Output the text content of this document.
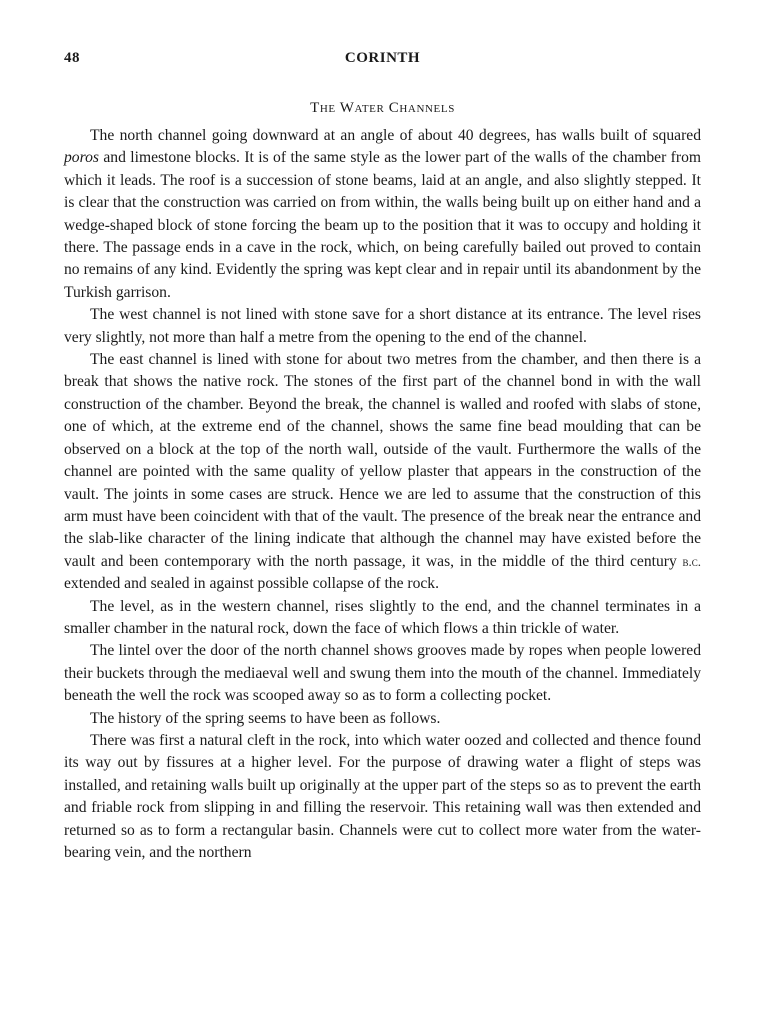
48	CORINTH
The Water Channels

The north channel going downward at an angle of about 40 degrees, has walls built of squared poros and limestone blocks. It is of the same style as the lower part of the walls of the chamber from which it leads. The roof is a succession of stone beams, laid at an angle, and also slightly stepped. It is clear that the construction was carried on from within, the walls being built up on either hand and a wedge-shaped block of stone forcing the beam up to the position that it was to occupy and holding it there. The passage ends in a cave in the rock, which, on being carefully bailed out proved to contain no remains of any kind. Evidently the spring was kept clear and in repair until its abandonment by the Turkish garrison.

The west channel is not lined with stone save for a short distance at its entrance. The level rises very slightly, not more than half a metre from the opening to the end of the channel.

The east channel is lined with stone for about two metres from the chamber, and then there is a break that shows the native rock. The stones of the first part of the channel bond in with the wall construction of the chamber. Beyond the break, the channel is walled and roofed with slabs of stone, one of which, at the extreme end of the channel, shows the same fine bead moulding that can be observed on a block at the top of the north wall, outside of the vault. Furthermore the walls of the channel are pointed with the same quality of yellow plaster that appears in the construction of the vault. The joints in some cases are struck. Hence we are led to assume that the construction of this arm must have been coincident with that of the vault. The presence of the break near the entrance and the slab-like character of the lining indicate that although the channel may have existed before the vault and been contemporary with the north passage, it was, in the middle of the third century b.c. extended and sealed in against possible collapse of the rock.

The level, as in the western channel, rises slightly to the end, and the channel terminates in a smaller chamber in the natural rock, down the face of which flows a thin trickle of water.

The lintel over the door of the north channel shows grooves made by ropes when people lowered their buckets through the mediaeval well and swung them into the mouth of the channel. Immediately beneath the well the rock was scooped away so as to form a collecting pocket.

The history of the spring seems to have been as follows.

There was first a natural cleft in the rock, into which water oozed and collected and thence found its way out by fissures at a higher level. For the purpose of drawing water a flight of steps was installed, and retaining walls built up originally at the upper part of the steps so as to prevent the earth and friable rock from slipping in and filling the reservoir. This retaining wall was then extended and returned so as to form a rectangular basin. Channels were cut to collect more water from the water-bearing vein, and the northern
